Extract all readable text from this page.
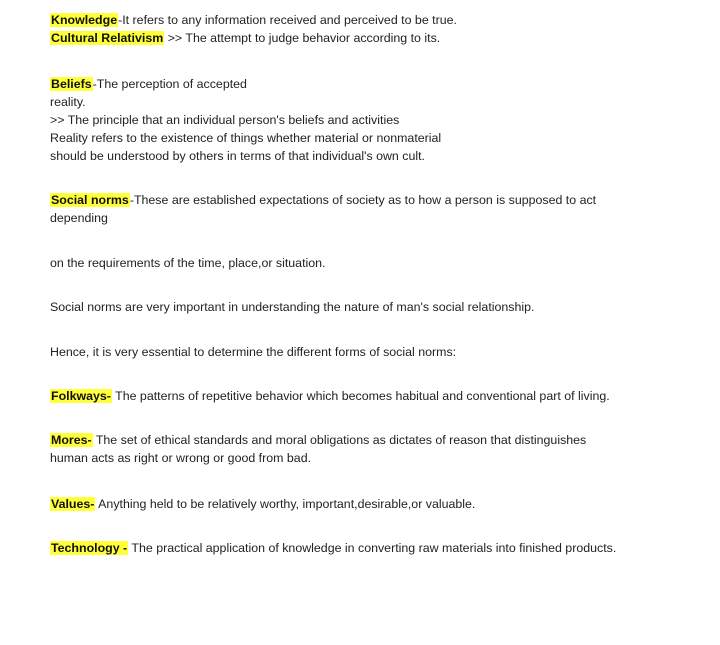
Knowledge-It refers to any information received and perceived to be true.
Cultural Relativism >> The attempt to judge behavior according to its.
Beliefs-The perception of accepted
reality.
>> The principle that an individual person's beliefs and activities
Reality refers to the existence of things whether material or nonmaterial
should be understood by others in terms of that individual's own cult.
Social norms-These are established expectations of society as to how a person is supposed to act
depending
on the requirements of the time, place,or situation.
Social norms are very important in understanding the nature of man's social relationship.
Hence, it is very essential to determine the different forms of social norms:
Folkways- The patterns of repetitive behavior which becomes habitual and conventional part of living.
Mores- The set of ethical standards and moral obligations as dictates of reason that distinguishes
human acts as right or wrong or good from bad.
Values- Anything held to be relatively worthy, important,desirable,or valuable.
Technology - The practical application of knowledge in converting raw materials into finished products.
